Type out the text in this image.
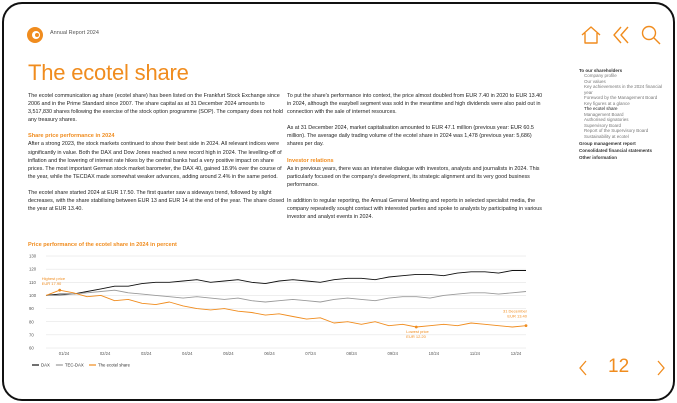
Annual Report 2024
The ecotel share

The ecotel communication ag share (ecotel share) has been listed on the Frankfurt Stock Exchange since 2006 and in the Prime Standard since 2007. The share capital as at 31 December 2024 amounts to 3,517,830 shares following the exercise of the stock option programme (SOP). The company does not hold any treasury shares.

Share price performance in 2024

After a strong 2023, the stock markets continued to show their best side in 2024. All relevant indices were significantly in value. Both the DAX and Dow Jones reached a new record high in 2024. The levelling-off of inflation and the lowering of interest rate hikes by the central banks had a very positive impact on share prices. The most important German stock market barometer, the DAX 40, gained 18.9% over the course of the year, while the TECDAX made somewhat weaker advances, adding around 2.4% in the same period.

The ecotel share started 2024 at EUR 17.50. The first quarter saw a sideways trend, followed by slight decreases, with the share stabilising between EUR 13 and EUR 14 at the end of the year. The share closed the year at EUR 13.40.

To put the share's performance into context, the price almost doubled from EUR 7.40 in 2020 to EUR 13.40 in 2024, although the easybell segment was sold in the meantime and high dividends were also paid out in connection with the sale of internet resources.

As at 31 December 2024, market capitalisation amounted to EUR 47.1 million (previous year: EUR 60.5 million). The average daily trading volume of the ecotel share in 2024 was 1,478 (previous year: 5,686) shares per day.

Investor relations

As in previous years, there was an intensive dialogue with investors, analysts and journalists in 2024. This particularly focused on the company's development, its strategic alignment and its very good business performance.

In addition to regular reporting, the Annual General Meeting and reports in selected specialist media, the company repeatedly sought contact with interested parties and spoke to analysts by participating in various investor and analyst events in 2024.

Price performance of the ecotel share in 2024 in percent
130
120
110
100
90
80
70
60
01/24	02/24	03/24	04/24	05/24	06/24	07/24	08/24	09/24	10/24	11/24	12/24
Highest price
EUR 17.90
Lowest price
EUR 12.20
31 December
EUR 13.40
DAX	TEC-DAX	The ecotel share
To our shareholders
Company profile
Our values
Key achievements in the 2024 financial year
Foreword by the Management Board
Key figures at a glance
The ecotel share
Management Board
Authorised signatories
Supervisory Board
Report of the Supervisory Board
Sustainability at ecotel
Group management report
Consolidated financial statements
Other information
12
